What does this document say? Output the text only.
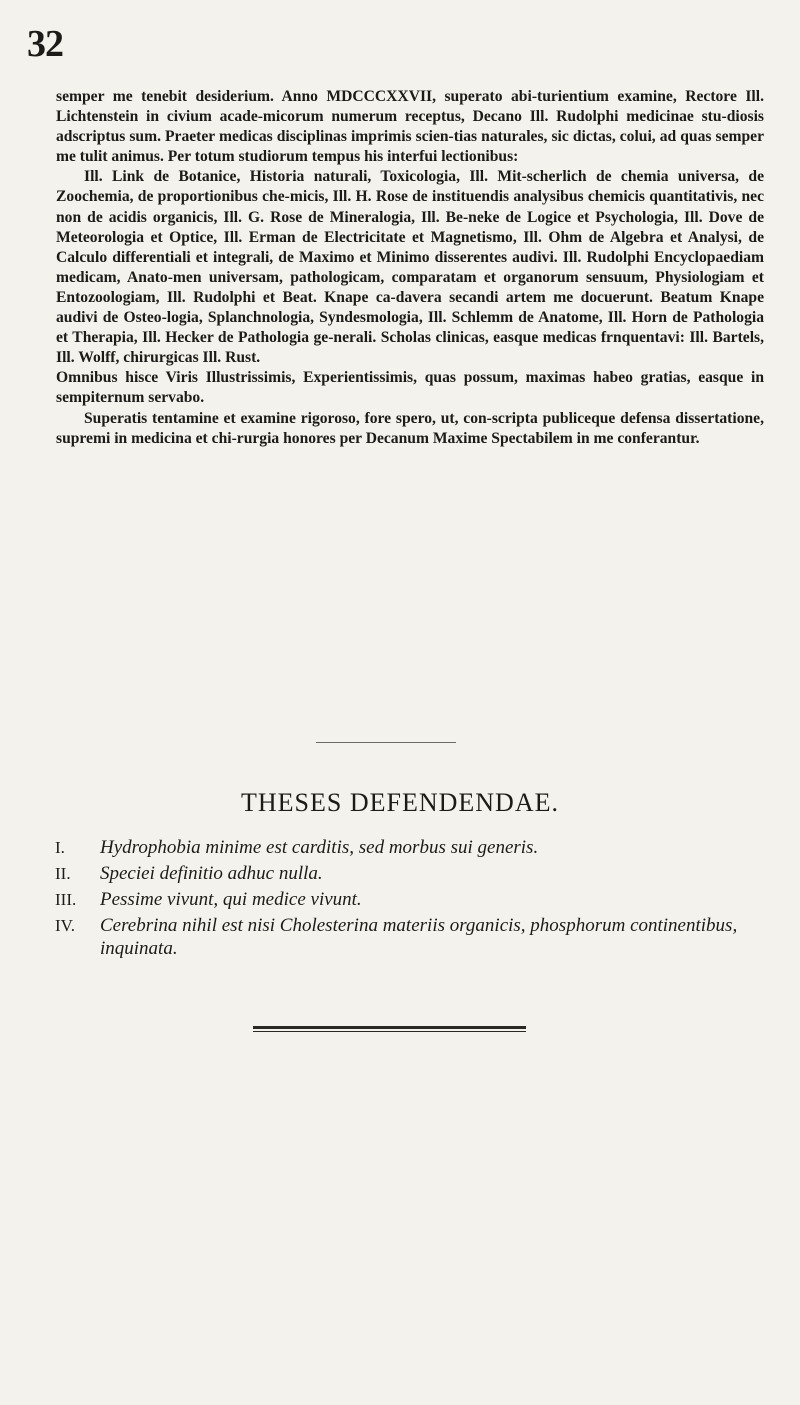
32

semper me tenebit desiderium. Anno MDCCCXXVII, superato abi-turientium examine, Rectore Ill. Lichtenstein in civium acade-micorum numerum receptus, Decano Ill. Rudolphi medicinae stu-diosis adscriptus sum. Praeter medicas disciplinas imprimis scien-tias naturales, sic dictas, colui, ad quas semper me tulit animus. Per totum studiorum tempus his interfui lectionibus:

Ill. Link de Botanice, Historia naturali, Toxicologia, Ill. Mit-scherlich de chemia universa, de Zoochemia, de proportionibus che-micis, Ill. H. Rose de instituendis analysibus chemicis quantitativis, nec non de acidis organicis, Ill. G. Rose de Mineralogia, Ill. Be-neke de Logice et Psychologia, Ill. Dove de Meteorologia et Optice, Ill. Erman de Electricitate et Magnetismo, Ill. Ohm de Algebra et Analysi, de Calculo differentiali et integrali, de Maximo et Minimo disserentes audivi. Ill. Rudolphi Encyclopaediam medicam, Anato-men universam, pathologicam, comparatam et organorum sensuum, Physiologiam et Entozoologiam, Ill. Rudolphi et Beat. Knape ca-davera secandi artem me docuerunt. Beatum Knape audivi de Osteo-logia, Splanchnologia, Syndesmologia, Ill. Schlemm de Anatome, Ill. Horn de Pathologia et Therapia, Ill. Hecker de Pathologia ge-nerali. Scholas clinicas, easque medicas frnquentavi: Ill. Bartels, Ill. Wolff, chirurgicas Ill. Rust.

Omnibus hisce Viris Illustrissimis, Experientissimis, quas possum, maximas habeo gratias, easque in sempiternum servabo.

Superatis tentamine et examine rigoroso, fore spero, ut, con-scripta publiceque defensa dissertatione, supremi in medicina et chi-rurgia honores per Decanum Maxime Spectabilem in me conferantur.

THESES DEFENDENDAE.
I. Hydrophobia minime est carditis, sed morbus sui generis.
II. Speciei definitio adhuc nulla.
III. Pessime vivunt, qui medice vivunt.
IV. Cerebrina nihil est nisi Cholesterina materiis organicis, phosphorum continentibus, inquinata.
